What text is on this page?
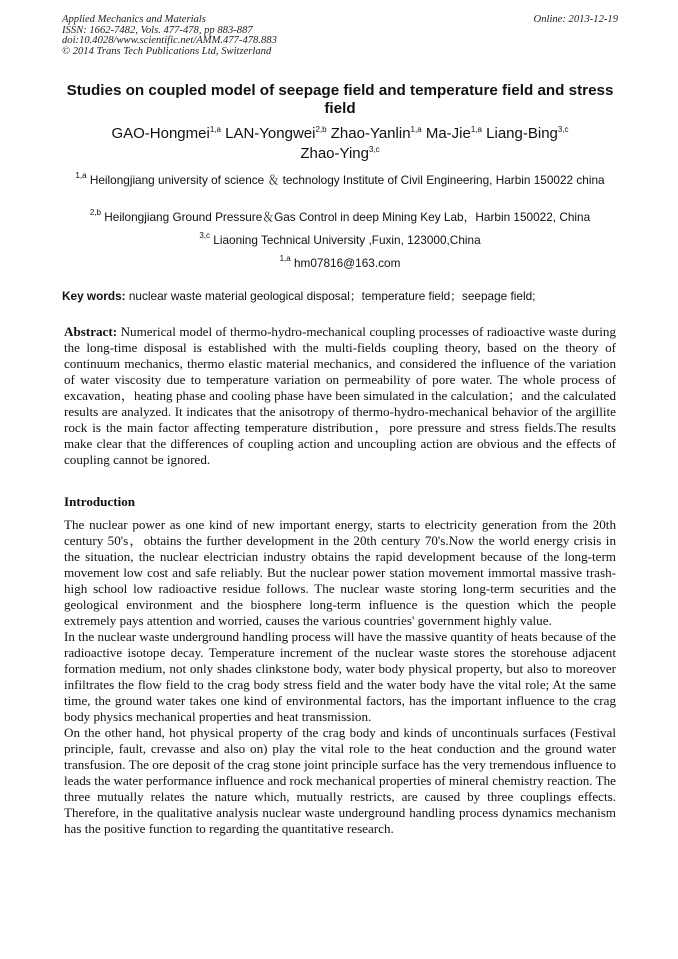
Applied Mechanics and Materials
ISSN: 1662-7482, Vols. 477-478, pp 883-887
doi:10.4028/www.scientific.net/AMM.477-478.883
© 2014 Trans Tech Publications Ltd, Switzerland
Online: 2013-12-19
Studies on coupled model of seepage field and temperature field and stress field
GAO-Hongmei$^{1,a}$ LAN-Yongwei$^{2,b}$ Zhao-Yanlin$^{1,a}$ Ma-Jie$^{1,a}$ Liang-Bing$^{3,c}$
Zhao-Ying$^{3,c}$
$^{1,a}$ Heilongjiang university of science ＆ technology Institute of Civil Engineering, Harbin 150022 china
$^{2,b}$ Heilongjiang Ground Pressure＆Gas Control in deep Mining Key Lab，Harbin 150022, China
$^{3,c}$ Liaoning Technical University ,Fuxin, 123000,China
$^{1,a}$ hm07816@163.com
Key words: nuclear waste material geological disposal；temperature field；seepage field;

Abstract: Numerical model of thermo-hydro-mechanical coupling processes of radioactive waste during the long-time disposal is established with the multi-fields coupling theory, based on the theory of continuum mechanics, thermo elastic material mechanics, and considered the influence of the variation of water viscosity due to temperature variation on permeability of pore water. The whole process of excavation，heating phase and cooling phase have been simulated in the calculation；and the calculated results are analyzed. It indicates that the anisotropy of thermo-hydro-mechanical behavior of the argillite rock is the main factor affecting temperature distribution，pore pressure and stress fields.The results make clear that the differences of coupling action and uncoupling action are obvious and the effects of coupling cannot be ignored.

Introduction

The nuclear power as one kind of new important energy, starts to electricity generation from the 20th century 50's，obtains the further development in the 20th century 70's.Now the world energy crisis in the situation, the nuclear electrician industry obtains the rapid development because of the long-term movement low cost and safe reliably. But the nuclear power station movement immortal massive trash-high school low radioactive residue follows. The nuclear waste storing long-term securities and the geological environment and the biosphere long-term influence is the question which the people extremely pays attention and worried, causes the various countries' government highly value.

In the nuclear waste underground handling process will have the massive quantity of heats because of the radioactive isotope decay. Temperature increment of the nuclear waste stores the storehouse adjacent formation medium, not only shades clinkstone body, water body physical property, but also to moreover infiltrates the flow field to the crag body stress field and the water body have the vital role; At the same time, the ground water takes one kind of environmental factors, has the important influence to the crag body physics mechanical properties and heat transmission.

On the other hand, hot physical property of the crag body and kinds of uncontinuals surfaces (Festival principle, fault, crevasse and also on) play the vital role to the heat conduction and the ground water transfusion. The ore deposit of the crag stone joint principle surface has the very tremendous influence to leads the water performance influence and rock mechanical properties of mineral chemistry reaction. The three mutually relates the nature which, mutually restricts, are caused by three couplings effects. Therefore, in the qualitative analysis nuclear waste underground handling process dynamics mechanism has the positive function to regarding the quantitative research.
